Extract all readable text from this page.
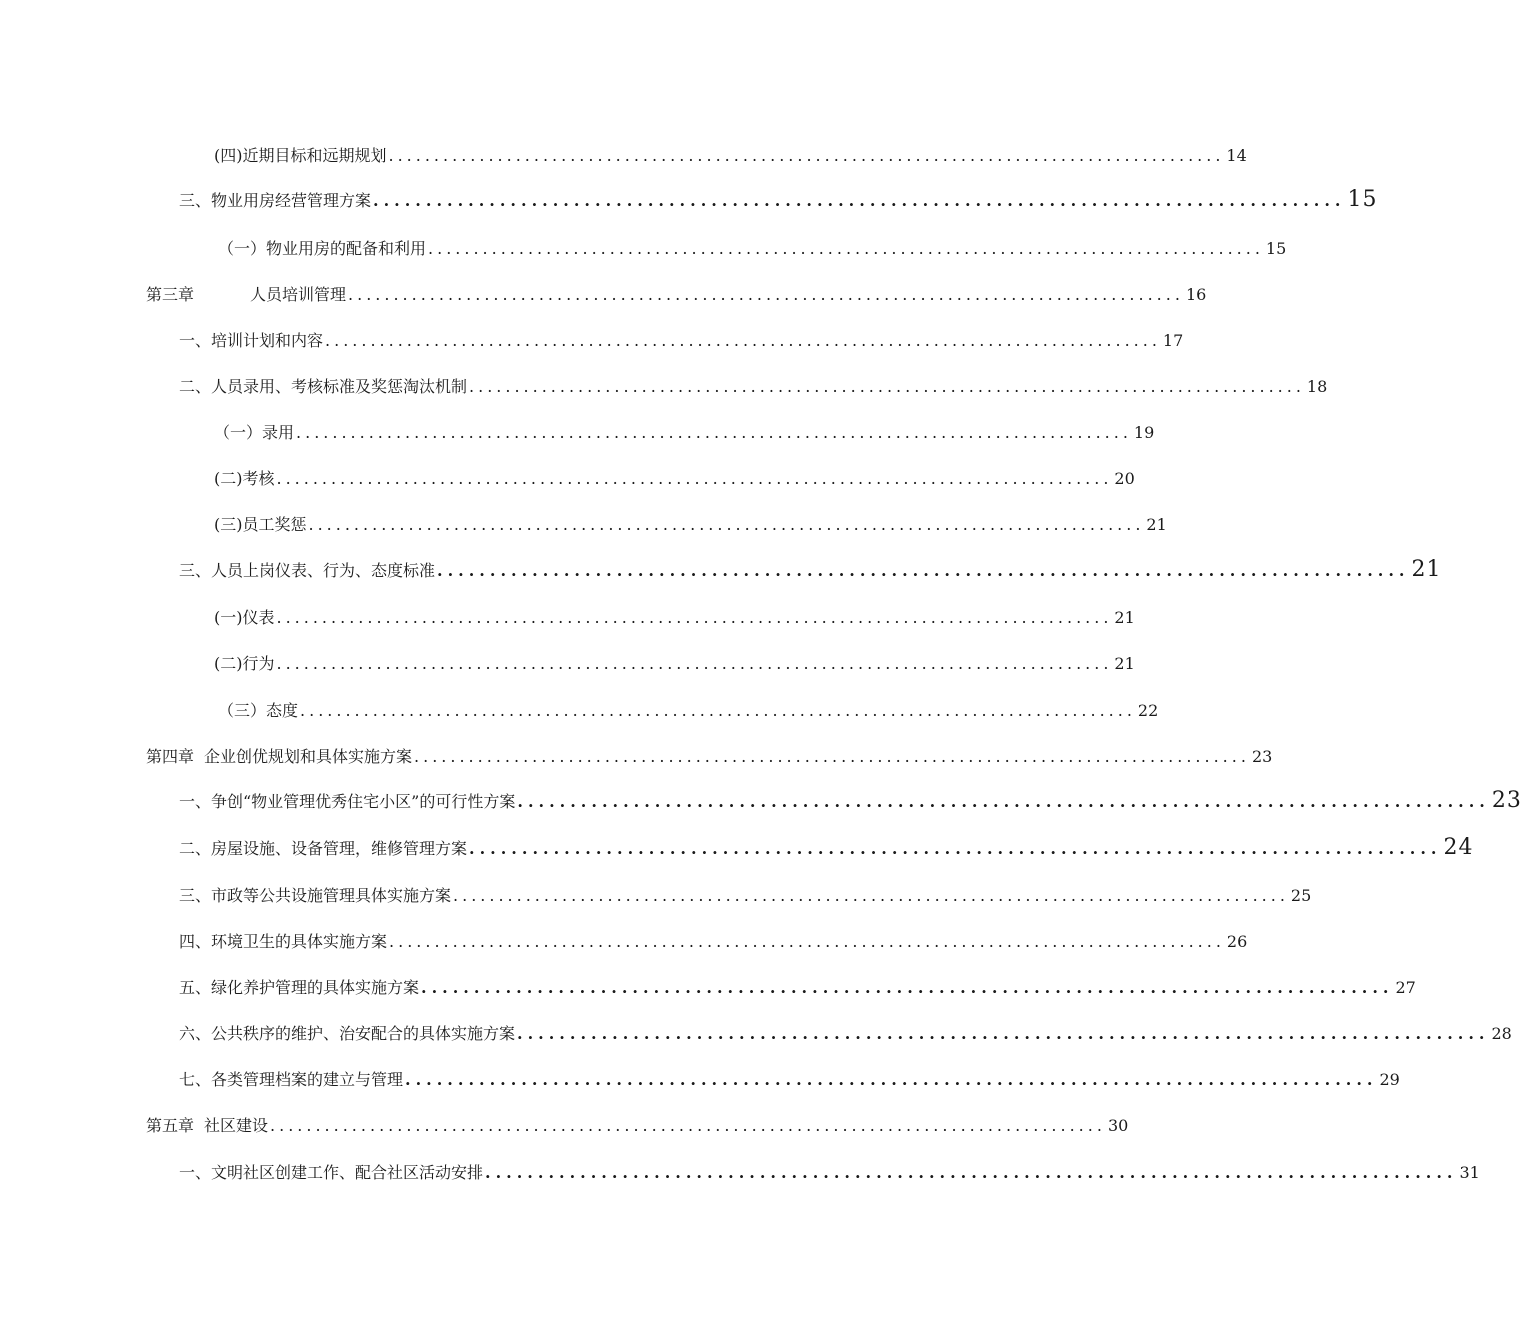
(四)近期目标和远期规划 ............................................................................................ 14
三、物业用房经营管理方案 ............................................................................................ 15
（一）物业用房的配备和利用 ............................................................................................ 15
第三章	人员培训管理 ............................................................................................ 16
一、培训计划和内容 ............................................................................................ 17
二、人员录用、考核标准及奖惩淘汰机制 ............................................................................................ 18
（一）录用 ............................................................................................ 19
(二)考核 ............................................................................................ 20
(三)员工奖惩 ............................................................................................ 21
三、人员上岗仪表、行为、态度标准 ............................................................................................ 21
(一)仪表 ............................................................................................ 21
(二)行为 ............................................................................................ 21
（三）态度 ............................................................................................ 22
第四章 企业创优规划和具体实施方案 ............................................................................................ 23
一、争创“物业管理优秀住宅小区”的可行性方案 ............................................................................................ 23
二、房屋设施、设备管理，维修管理方案 ............................................................................................ 24
三、市政等公共设施管理具体实施方案 ............................................................................................ 25
四、环境卫生的具体实施方案 ............................................................................................ 26
五、绿化养护管理的具体实施方案 ............................................................................................ 27
六、公共秩序的维护、治安配合的具体实施方案 ............................................................................................ 28
七、各类管理档案的建立与管理 ............................................................................................ 29
第五章 社区建设 ............................................................................................ 30
一、文明社区创建工作、配合社区活动安排 ............................................................................................ 31
